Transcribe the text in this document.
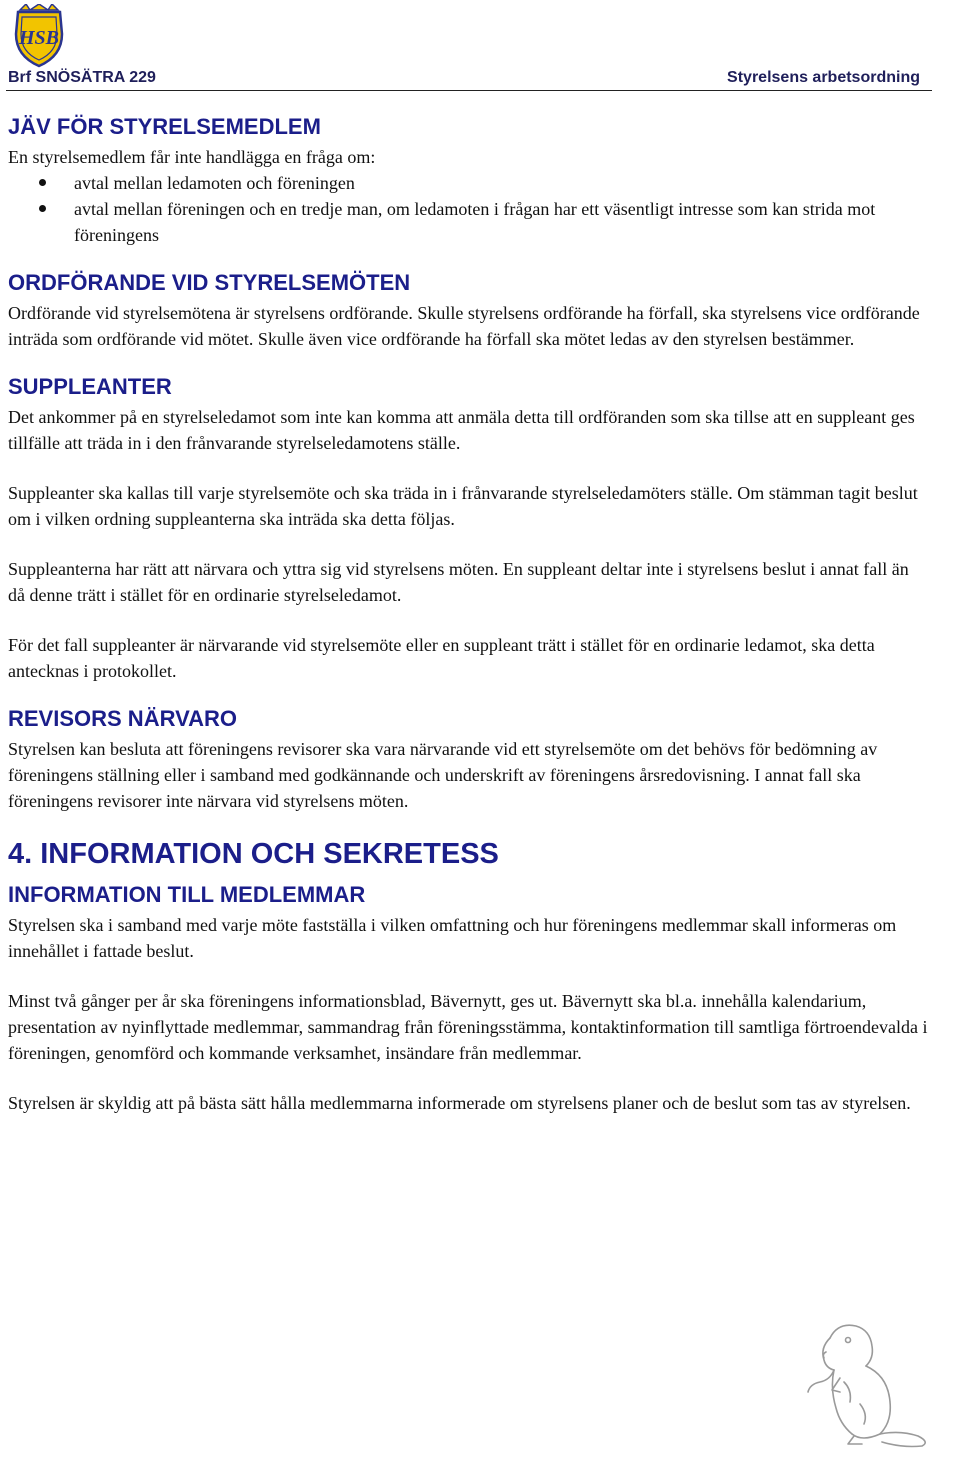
HSB
Brf SNÖSÄTRA 229	Styrelsens arbetsordning
JÄV FÖR STYRELSEMEDLEM

En styrelsemedlem får inte handlägga en fråga om:

avtal mellan ledamoten och föreningen
avtal mellan föreningen och en tredje man, om ledamoten i frågan har ett väsentligt intresse som kan strida mot föreningens
ORDFÖRANDE VID STYRELSEMÖTEN

Ordförande vid styrelsemötena är styrelsens ordförande. Skulle styrelsens ordförande ha förfall, ska styrelsens vice ordförande inträda som ordförande vid mötet. Skulle även vice ordförande ha förfall ska mötet ledas av den styrelsen bestämmer.

SUPPLEANTER

Det ankommer på en styrelseledamot som inte kan komma att anmäla detta till ordföranden som ska tillse att en suppleant ges tillfälle att träda in i den frånvarande styrelseledamotens ställe.

Suppleanter ska kallas till varje styrelsemöte och ska träda in i frånvarande styrelseledamöters ställe. Om stämman tagit beslut om i vilken ordning suppleanterna ska inträda ska detta följas.

Suppleanterna har rätt att närvara och yttra sig vid styrelsens möten. En suppleant deltar inte i styrelsens beslut i annat fall än då denne trätt i stället för en ordinarie styrelseledamot.

För det fall suppleanter är närvarande vid styrelsemöte eller en suppleant trätt i stället för en ordinarie ledamot, ska detta antecknas i protokollet.

REVISORS NÄRVARO

Styrelsen kan besluta att föreningens revisorer ska vara närvarande vid ett styrelsemöte om det behövs för bedömning av föreningens ställning eller i samband med godkännande och underskrift av föreningens årsredovisning. I annat fall ska föreningens revisorer inte närvara vid styrelsens möten.

4. INFORMATION OCH SEKRETESS
INFORMATION TILL MEDLEMMAR

Styrelsen ska i samband med varje möte fastställa i vilken omfattning och hur föreningens medlemmar skall informeras om innehållet i fattade beslut.

Minst två gånger per år ska föreningens informationsblad, Bävernytt, ges ut. Bävernytt ska bl.a. innehålla kalendarium, presentation av nyinflyttade medlemmar, sammandrag från föreningsstämma, kontaktinformation till samtliga förtroendevalda i föreningen, genomförd och kommande verksamhet, insändare från medlemmar.

Styrelsen är skyldig att på bästa sätt hålla medlemmarna informerade om styrelsens planer och de beslut som tas av styrelsen.
